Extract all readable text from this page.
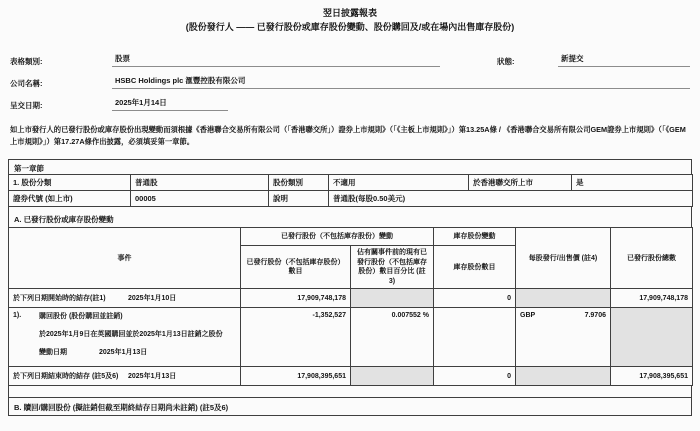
翌日披露報表
(股份發行人 —— 已發行股份或庫存股份變動、股份購回及/或在場內出售庫存股份)
表格類別:	股票	狀態:	新提交
公司名稱:	HSBC Holdings plc 滙豐控股有限公司
呈交日期:	2025年1月14日
如上市發行人的已發行股份或庫存股份出現變動而須根據《香港聯合交易所有限公司（「香港聯交所」）證券上市規則》（「《主板上市規則》」）第13.25A條 / 《香港聯合交易所有限公司GEM證券上市規則》（「《GEM上市規則》」）第17.27A條作出披露，必須填妥第一章節。
第一章節
1. 股份分類	普通股	股份類別	不適用	於香港聯交所上市	是
證券代號 (如上市)	00005	說明	普通股(每股0.50美元)		
A. 已發行股份或庫存股份變動
事件	已發行股份（不包括庫存股份）變動		庫存股份變動	每股發行/出售價 (註4)	已發行股份總數
	已發行股份（不包括庫存股份）數目	佔有關事件前的現有已發行股份（不包括庫存股份）數目百分比 (註3)	庫存股份數目		

於下列日期開始時的結存(註1) 2025年1月10日	17,909,748,178		0		17,909,748,178

1).	購回股份 (股份購回並註銷)
於2025年1月9日在英國購回並於2025年1月13日註銷之股份
變動日期	2025年1月13日
	-1,352,527	0.007552 %		GBP	7.9706

於下列日期結束時的結存 (註5及6) 2025年1月13日	17,908,395,651		0		17,908,395,651
B. 贖回/購回股份 (擬註銷但截至期終結存日期尚未註銷) (註5及6)
